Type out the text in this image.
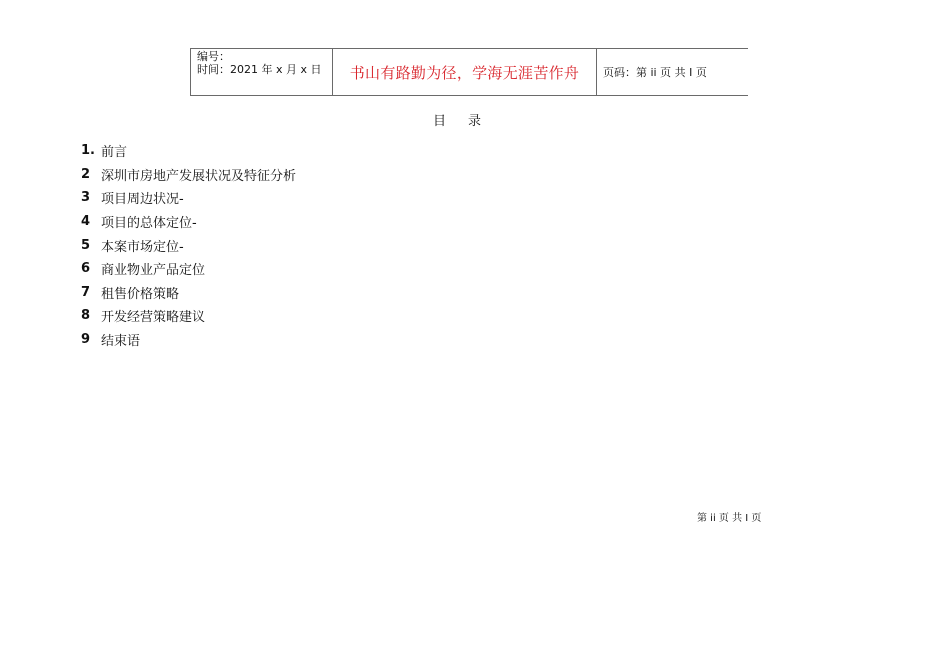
编号：
时间：2021 年 x 月 x 日	书山有路勤为径，学海无涯苦作舟 页码：第 ii 页 共 I 页
目录
1. 前言
2 深圳市房地产发展状况及特征分析
3 项目周边状况-
4 项目的总体定位-
5 本案市场定位-
6 商业物业产品定位
7 租售价格策略
8 开发经营策略建议
9 结束语
第 ii 页 共 I 页
